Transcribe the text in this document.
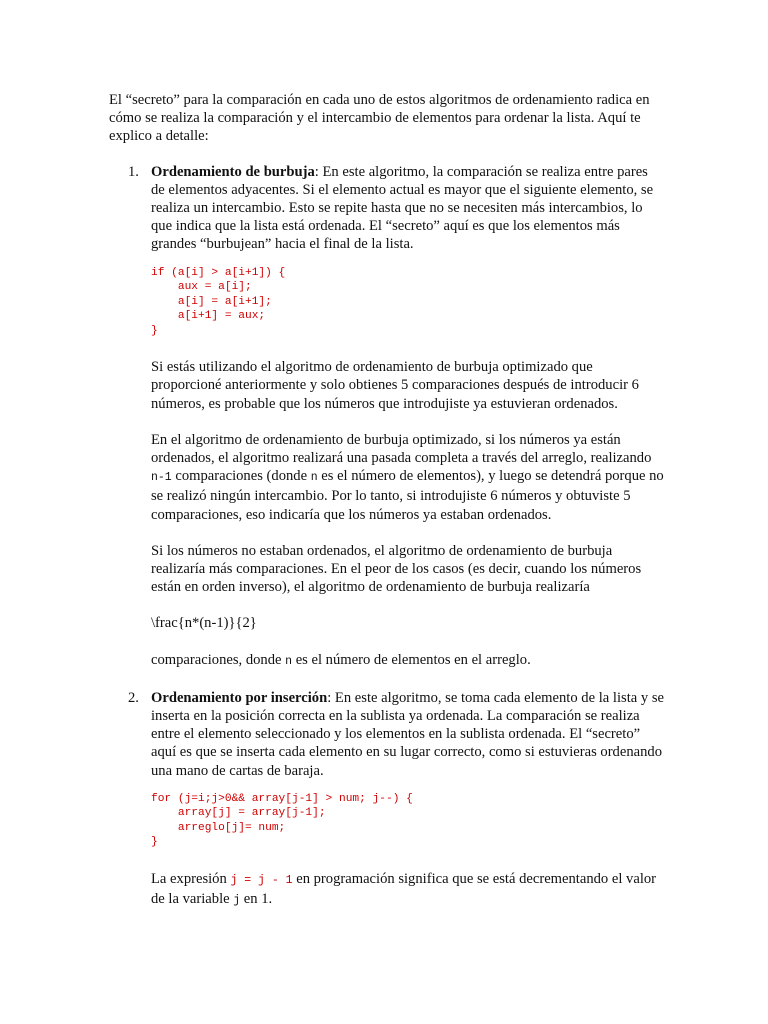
El “secreto” para la comparación en cada uno de estos algoritmos de ordenamiento radica en cómo se realiza la comparación y el intercambio de elementos para ordenar la lista. Aquí te explico a detalle:

1. Ordenamiento de burbuja: En este algoritmo, la comparación se realiza entre pares de elementos adyacentes. Si el elemento actual es mayor que el siguiente elemento, se realiza un intercambio. Esto se repite hasta que no se necesiten más intercambios, lo que indica que la lista está ordenada. El “secreto” aquí es que los elementos más grandes “burbujean” hacia el final de la lista.

if (a[i] > a[i+1]) {
aux = a[i];
a[i] = a[i+1];
a[i+1] = aux;
}

Si estás utilizando el algoritmo de ordenamiento de burbuja optimizado que proporcioné anteriormente y solo obtienes 5 comparaciones después de introducir 6 números, es probable que los números que introdujiste ya estuvieran ordenados.

En el algoritmo de ordenamiento de burbuja optimizado, si los números ya están ordenados, el algoritmo realizará una pasada completa a través del arreglo, realizando n-1 comparaciones (donde n es el número de elementos), y luego se detendrá porque no se realizó ningún intercambio. Por lo tanto, si introdujiste 6 números y obtuviste 5 comparaciones, eso indicaría que los números ya estaban ordenados.

Si los números no estaban ordenados, el algoritmo de ordenamiento de burbuja realizaría más comparaciones. En el peor de los casos (es decir, cuando los números están en orden inverso), el algoritmo de ordenamiento de burbuja realizaría

\frac{n*(n-1)}{2}

comparaciones, donde n es el número de elementos en el arreglo.

2. Ordenamiento por inserción: En este algoritmo, se toma cada elemento de la lista y se inserta en la posición correcta en la sublista ya ordenada. La comparación se realiza entre el elemento seleccionado y los elementos en la sublista ordenada. El “secreto” aquí es que se inserta cada elemento en su lugar correcto, como si estuvieras ordenando una mano de cartas de baraja.

for (j=i;j>0&& array[j-1] > num; j--) {
array[j] = array[j-1];
arreglo[j]= num;
}

La expresión j = j - 1 en programación significa que se está decrementando el valor de la variable j en 1.
